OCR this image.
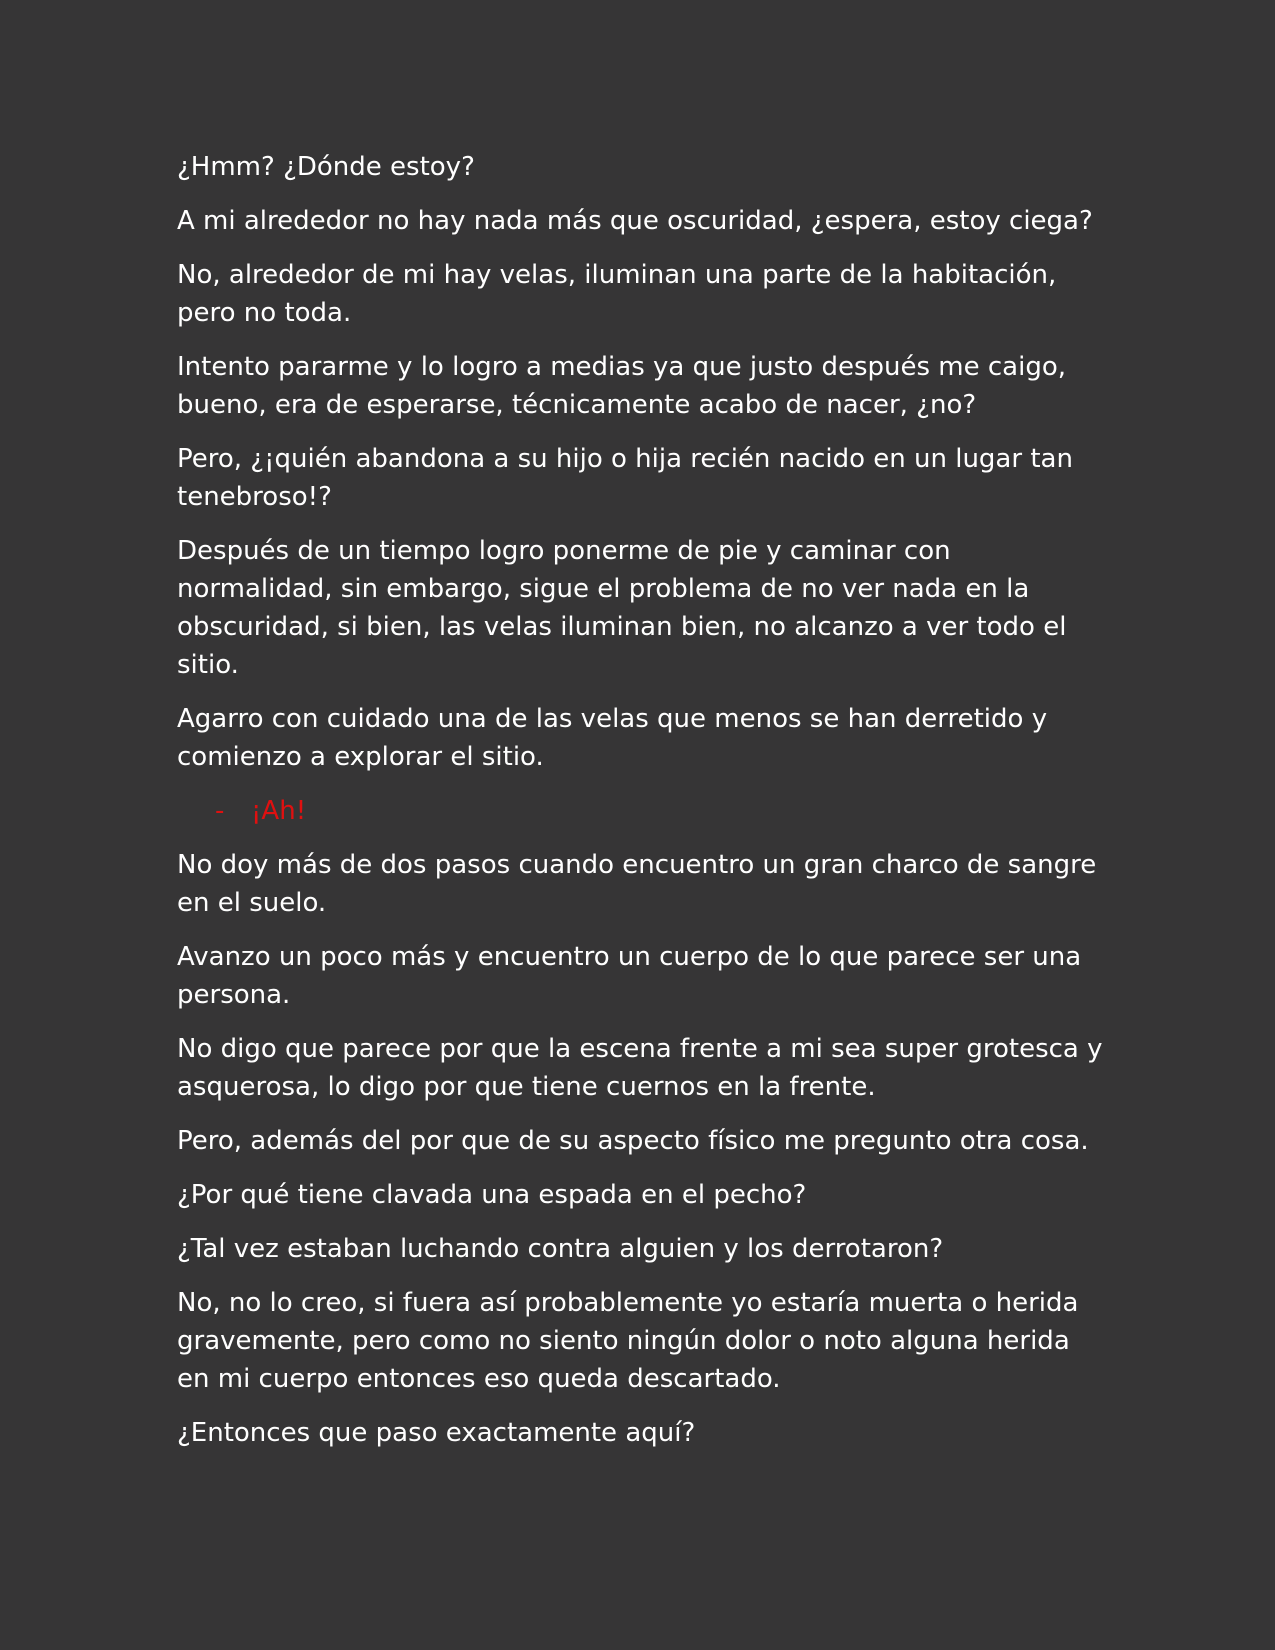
¿Hmm? ¿Dónde estoy?

A mi alrededor no hay nada más que oscuridad, ¿espera, estoy ciega?

No, alrededor de mi hay velas, iluminan una parte de la habitación, pero no toda.

Intento pararme y lo logro a medias ya que justo después me caigo, bueno, era de esperarse, técnicamente acabo de nacer, ¿no?

Pero, ¿¡quién abandona a su hijo o hija recién nacido en un lugar tan tenebroso!?

Después de un tiempo logro ponerme de pie y caminar con normalidad, sin embargo, sigue el problema de no ver nada en la obscuridad, si bien, las velas iluminan bien, no alcanzo a ver todo el sitio.

Agarro con cuidado una de las velas que menos se han derretido y comienzo a explorar el sitio.

-	¡Ah!

No doy más de dos pasos cuando encuentro un gran charco de sangre en el suelo.

Avanzo un poco más y encuentro un cuerpo de lo que parece ser una persona.

No digo que parece por que la escena frente a mi sea super grotesca y asquerosa, lo digo por que tiene cuernos en la frente.

Pero, además del por que de su aspecto físico me pregunto otra cosa.

¿Por qué tiene clavada una espada en el pecho?

¿Tal vez estaban luchando contra alguien y los derrotaron?

No, no lo creo, si fuera así probablemente yo estaría muerta o herida gravemente, pero como no siento ningún dolor o noto alguna herida en mi cuerpo entonces eso queda descartado.

¿Entonces que paso exactamente aquí?
